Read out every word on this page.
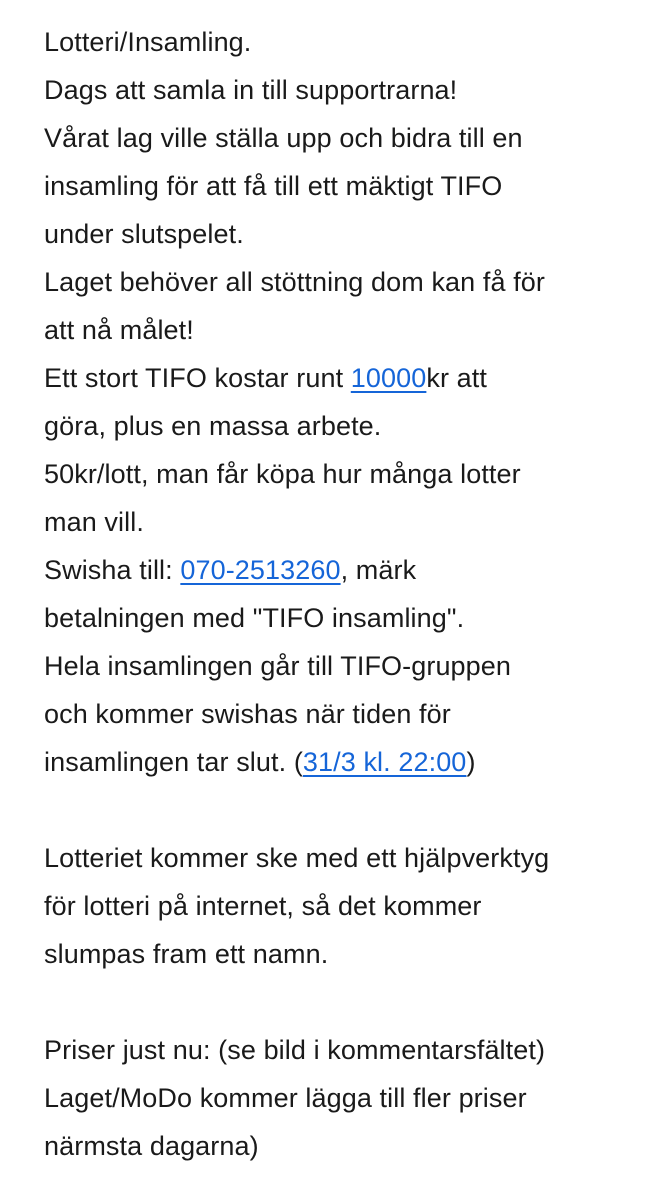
Lotteri/Insamling.
Dags att samla in till supportrarna!
Vårat lag ville ställa upp och bidra till en
insamling för att få till ett mäktigt TIFO
under slutspelet.
Laget behöver all stöttning dom kan få för
att nå målet!
Ett stort TIFO kostar runt 10000kr att
göra, plus en massa arbete.
50kr/lott, man får köpa hur många lotter
man vill.
Swisha till: 070-2513260, märk
betalningen med "TIFO insamling".
Hela insamlingen går till TIFO-gruppen
och kommer swishas när tiden för
insamlingen tar slut. (31/3 kl. 22:00)
Lotteriet kommer ske med ett hjälpverktyg
för lotteri på internet, så det kommer
slumpas fram ett namn.
Priser just nu: (se bild i kommentarsfältet)
Laget/MoDo kommer lägga till fler priser
närmsta dagarna)
